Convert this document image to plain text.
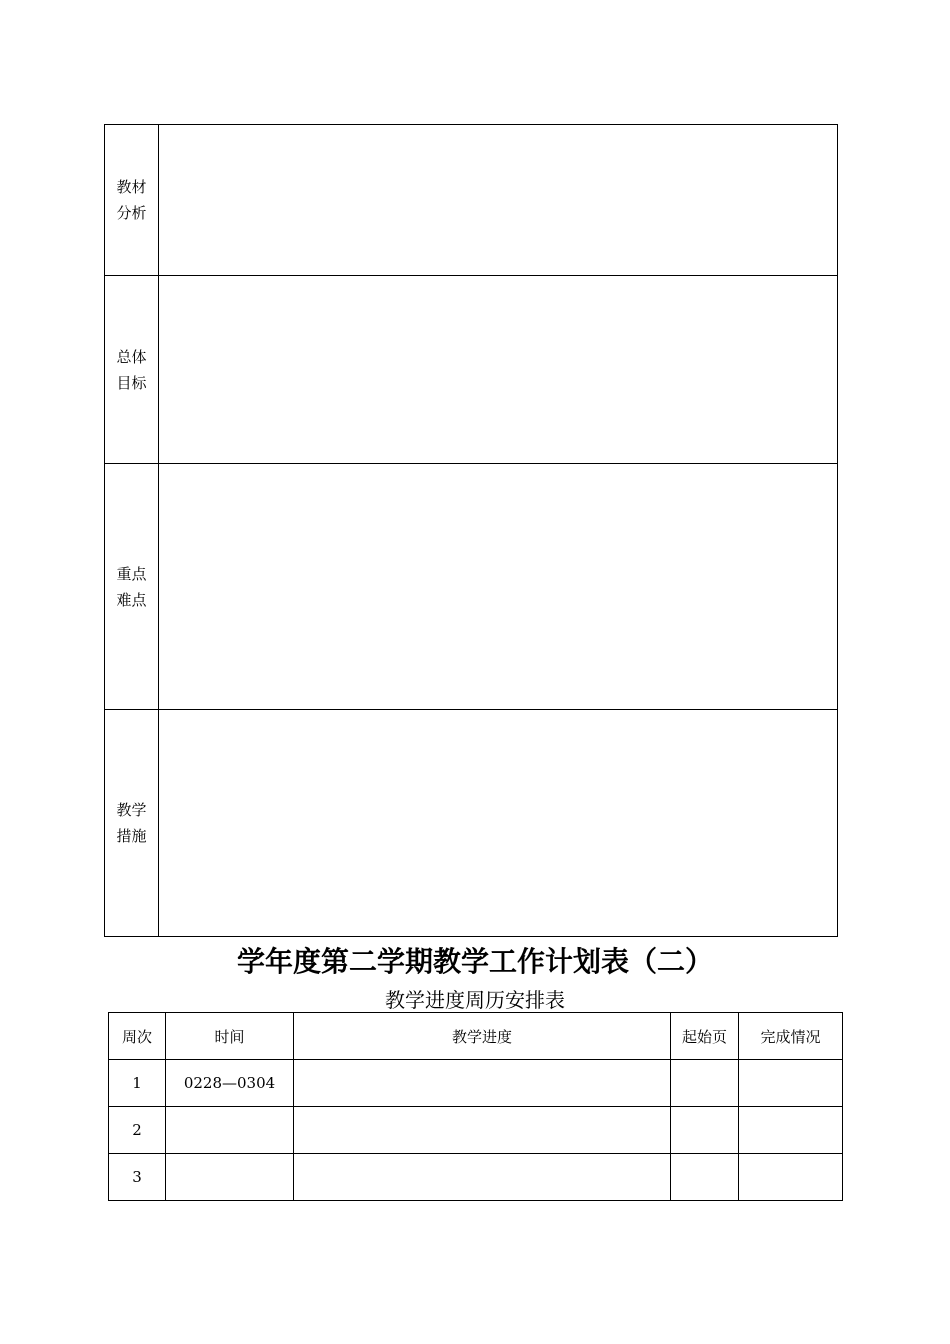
教材
分析	

总体
目标	

重点
难点	

教学
措施	

学年度第二学期教学工作计划表（二）
教学进度周历安排表
周次	时间	教学进度	起始页	完成情况
1	0228—0304			
2				
3				
